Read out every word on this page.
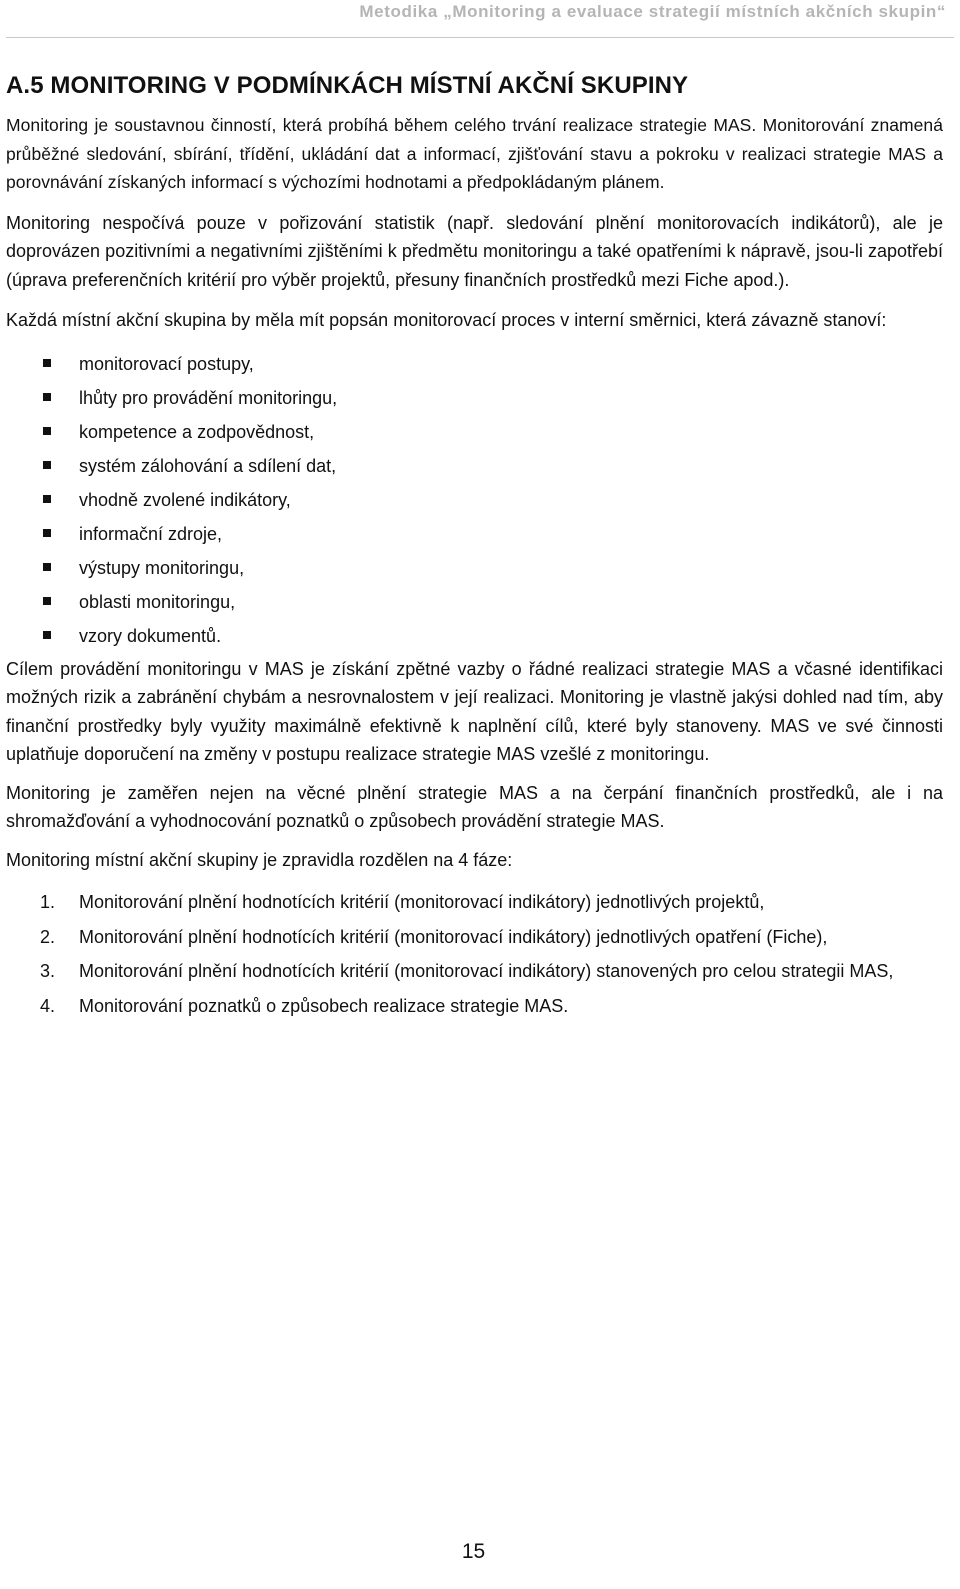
Metodika „Monitoring a evaluace strategií místních akčních skupin“
A.5 MONITORING V PODMÍNKÁCH MÍSTNÍ AKČNÍ SKUPINY

Monitoring je soustavnou činností, která probíhá během celého trvání realizace strategie MAS. Monitorování znamená průběžné sledování, sbírání, třídění, ukládání dat a informací, zjišťování stavu a pokroku v realizaci strategie MAS a porovnávání získaných informací s výchozími hodnotami a předpokládaným plánem.

Monitoring nespočívá pouze v pořizování statistik (např. sledování plnění monitorovacích indikátorů), ale je doprovázen pozitivními a negativními zjištěními k předmětu monitoringu a také opatřeními k nápravě, jsou-li zapotřebí (úprava preferenčních kritérií pro výběr projektů, přesuny finančních prostředků mezi Fiche apod.).

Každá místní akční skupina by měla mít popsán monitorovací proces v interní směrnici, která závazně stanoví:

monitorovací postupy,
lhůty pro provádění monitoringu,
kompetence a zodpovědnost,
systém zálohování a sdílení dat,
vhodně zvolené indikátory,
informační zdroje,
výstupy monitoringu,
oblasti monitoringu,
vzory dokumentů.

Cílem provádění monitoringu v MAS je získání zpětné vazby o řádné realizaci strategie MAS a včasné identifikaci možných rizik a zabránění chybám a nesrovnalostem v její realizaci. Monitoring je vlastně jakýsi dohled nad tím, aby finanční prostředky byly využity maximálně efektivně k naplnění cílů, které byly stanoveny. MAS ve své činnosti uplatňuje doporučení na změny v postupu realizace strategie MAS vzešlé z monitoringu.

Monitoring je zaměřen nejen na věcné plnění strategie MAS a na čerpání finančních prostředků, ale i na shromažďování a vyhodnocování poznatků o způsobech provádění strategie MAS.

Monitoring místní akční skupiny je zpravidla rozdělen na 4 fáze:

1. Monitorování plnění hodnotících kritérií (monitorovací indikátory) jednotlivých projektů,
2. Monitorování plnění hodnotících kritérií (monitorovací indikátory) jednotlivých opatření (Fiche),
3. Monitorování plnění hodnotících kritérií (monitorovací indikátory) stanovených pro celou strategii MAS,
4. Monitorování poznatků o způsobech realizace strategie MAS.
15
